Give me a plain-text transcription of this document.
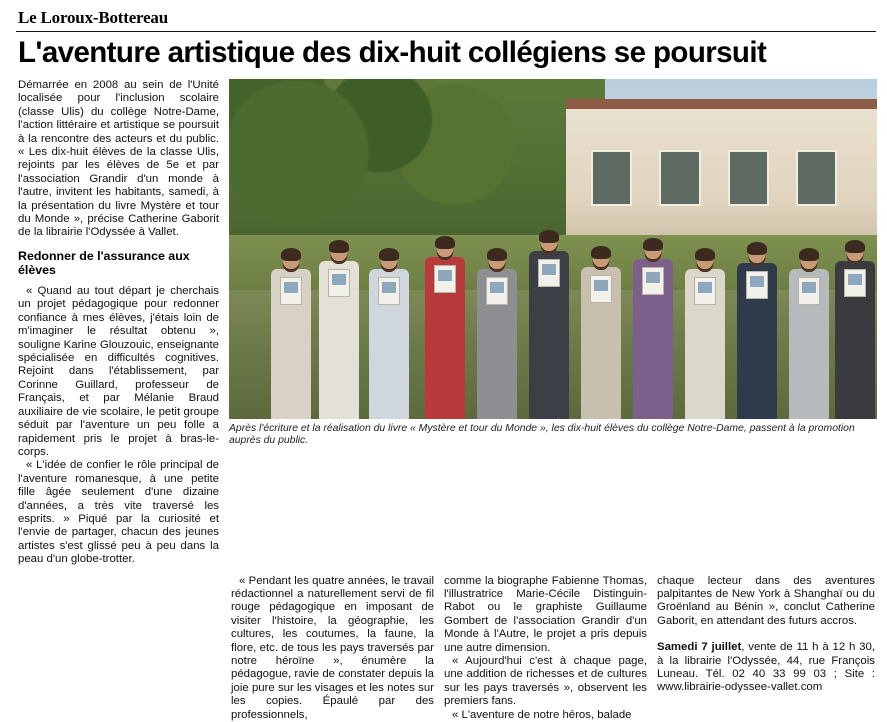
Le Loroux-Bottereau
L'aventure artistique des dix-huit collégiens se poursuit

Démarrée en 2008 au sein de l'Unité localisée pour l'inclusion scolaire (classe Ulis) du collège Notre-Dame, l'action littéraire et artistique se poursuit à la rencontre des acteurs et du public. « Les dix-huit élèves de la classe Ulis, rejoints par les élèves de 5e et par l'association Grandir d'un monde à l'autre, invitent les habitants, samedi, à la présentation du livre Mystère et tour du Monde », précise Catherine Gaborit de la librairie l'Odyssée à Vallet.

Redonner de l'assurance aux élèves

« Quand au tout départ je cherchais un projet pédagogique pour redonner confiance à mes élèves, j'étais loin de m'imaginer le résultat obtenu », souligne Karine Glouzouic, enseignante spécialisée en difficultés cognitives. Rejoint dans l'établissement, par Corinne Guillard, professeur de Français, et par Mélanie Braud auxiliaire de vie scolaire, le petit groupe séduit par l'aventure un peu folle a rapidement pris le projet à bras-le-corps.

« L'idée de confier le rôle principal de l'aventure romanesque, à une petite fille âgée seulement d'une dizaine d'années, a très vite traversé les esprits. » Piqué par la curiosité et l'envie de partager, chacun des jeunes artistes s'est glissé peu à peu dans la peau d'un globe-trotter.

Après l'écriture et la réalisation du livre « Mystère et tour du Monde », les dix-huit élèves du collège Notre-Dame, passent à la promotion auprès du public.

« Pendant les quatre années, le travail rédactionnel a naturellement servi de fil rouge pédagogique en imposant de visiter l'histoire, la géographie, les cultures, les coutumes, la faune, la flore, etc. de tous les pays traversés par notre héroïne », énumère la pédagogue, ravie de constater depuis la joie pure sur les visages et les notes sur les copies. Épaulé par des professionnels,

comme la biographe Fabienne Thomas, l'illustratrice Marie-Cécile Distinguin-Rabot ou le graphiste Guillaume Gombert de l'association Grandir d'un Monde à l'Autre, le projet a pris depuis une autre dimension.

« Aujourd'hui c'est à chaque page, une addition de richesses et de cultures sur les pays traversés », observent les premiers fans.

« L'aventure de notre héros, balade

chaque lecteur dans des aventures palpitantes de New York à Shanghaï ou du Groënland au Bénin », conclut Catherine Gaborit, en attendant des futurs accros.

Samedi 7 juillet, vente de 11 h à 12 h 30, à la librairie l'Odyssée, 44, rue François Luneau. Tél. 02 40 33 99 03 ; Site : www.librairie-odyssee-vallet.com
